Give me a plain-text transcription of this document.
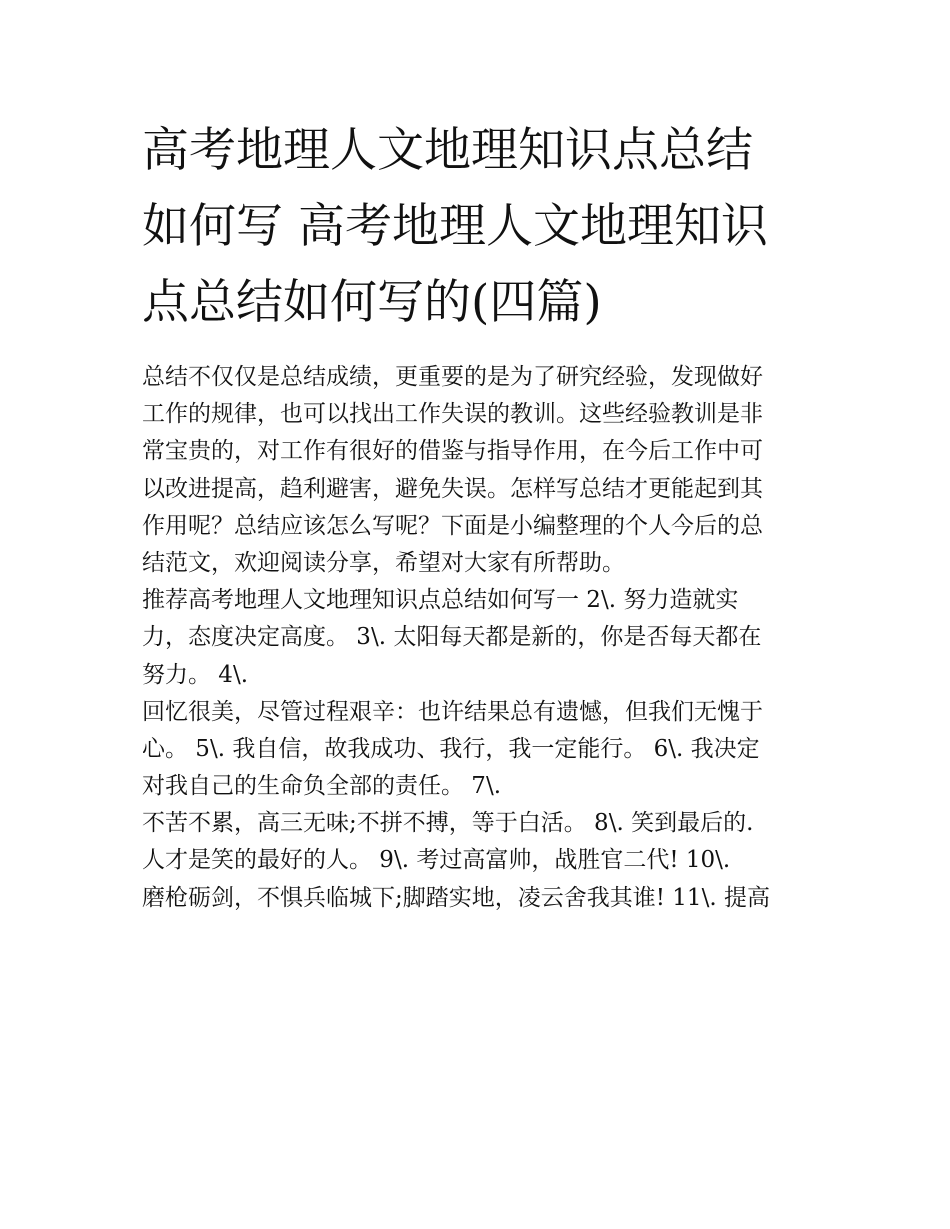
高考地理人文地理知识点总结
如何写 高考地理人文地理知识
点总结如何写的(四篇)
总结不仅仅是总结成绩，更重要的是为了研究经验，发现做好
工作的规律，也可以找出工作失误的教训。这些经验教训是非
常宝贵的，对工作有很好的借鉴与指导作用，在今后工作中可
以改进提高，趋利避害，避免失误。怎样写总结才更能起到其
作用呢？总结应该怎么写呢？下面是小编整理的个人今后的总
结范文，欢迎阅读分享，希望对大家有所帮助。
推荐高考地理人文地理知识点总结如何写一 2\. 努力造就实
力，态度决定高度。 3\. 太阳每天都是新的，你是否每天都在
努力。 4\.
回忆很美，尽管过程艰辛：也许结果总有遗憾，但我们无愧于
心。 5\. 我自信，故我成功、我行，我一定能行。 6\. 我决定
对我自己的生命负全部的责任。 7\.
不苦不累，高三无味;不拼不搏，等于白活。 8\. 笑到最后的.
人才是笑的最好的人。 9\. 考过高富帅，战胜官二代! 10\.
磨枪砺剑，不惧兵临城下;脚踏实地，凌云舍我其谁! 11\. 提高
